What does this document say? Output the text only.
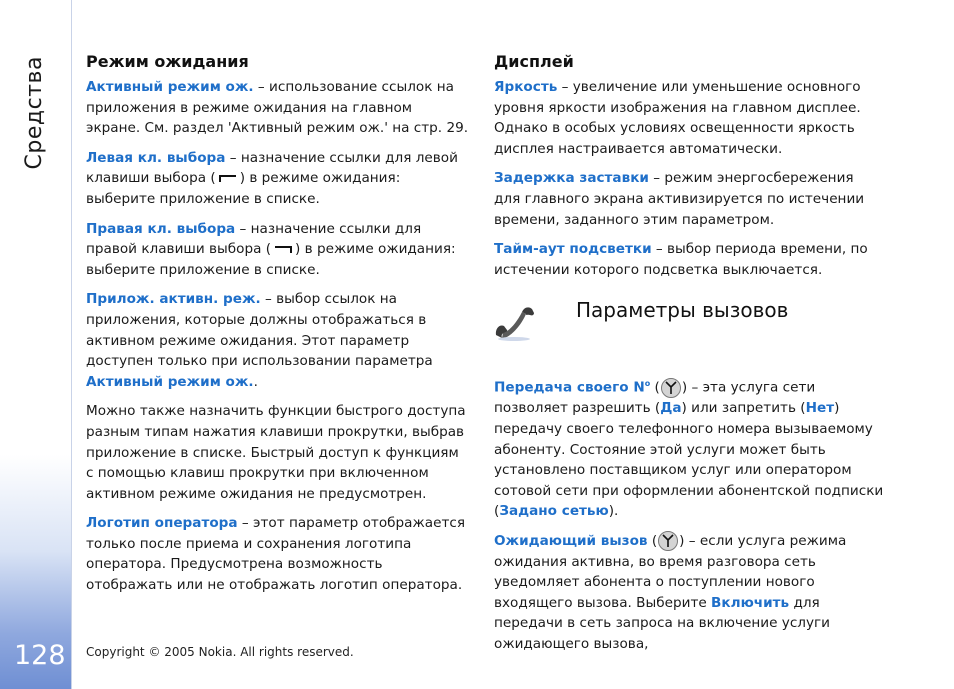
Средства
128
Режим ожидания

Активный режим ож. – использование ссылок на приложения в режиме ожидания на главном экране. См. раздел 'Активный режим ож.' на стр. 29.

Левая кл. выбора – назначение ссылки для левой клавиши выбора ( ) в режиме ожидания: выберите приложение в списке.

Правая кл. выбора – назначение ссылки для правой клавиши выбора ( ) в режиме ожидания: выберите приложение в списке.

Прилож. активн. реж. – выбор ссылок на приложения, которые должны отображаться в активном режиме ожидания. Этот параметр доступен только при использовании параметра Активный режим ож..

Можно также назначить функции быстрого доступа разным типам нажатия клавиши прокрутки, выбрав приложение в списке. Быстрый доступ к функциям с помощью клавиш прокрутки при включенном активном режиме ожидания не предусмотрен.

Логотип оператора – этот параметр отображается только после приема и сохранения логотипа оператора. Предусмотрена возможность отображать или не отображать логотип оператора.

Дисплей

Яркость – увеличение или уменьшение основного уровня яркости изображения на главном дисплее. Однако в особых условиях освещенности яркость дисплея настраивается автоматически.

Задержка заставки – режим энергосбережения для главного экрана активизируется по истечении времени, заданного этим параметром.

Тайм-аут подсветки – выбор периода времени, по истечении которого подсветка выключается.

Параметры вызовов

Передача своего $N^o$ ( ) – эта услуга сети позволяет разрешить (Да) или запретить (Нет) передачу своего телефонного номера вызываемому абоненту. Состояние этой услуги может быть установлено поставщиком услуг или оператором сотовой сети при оформлении абонентской подписки (Задано сетью).

Ожидающий вызов ( ) – если услуга режима ожидания активна, во время разговора сеть уведомляет абонента о поступлении нового входящего вызова. Выберите Включить для передачи в сеть запроса на включение услуги ожидающего вызова,

Copyright © 2005 Nokia. All rights reserved.
